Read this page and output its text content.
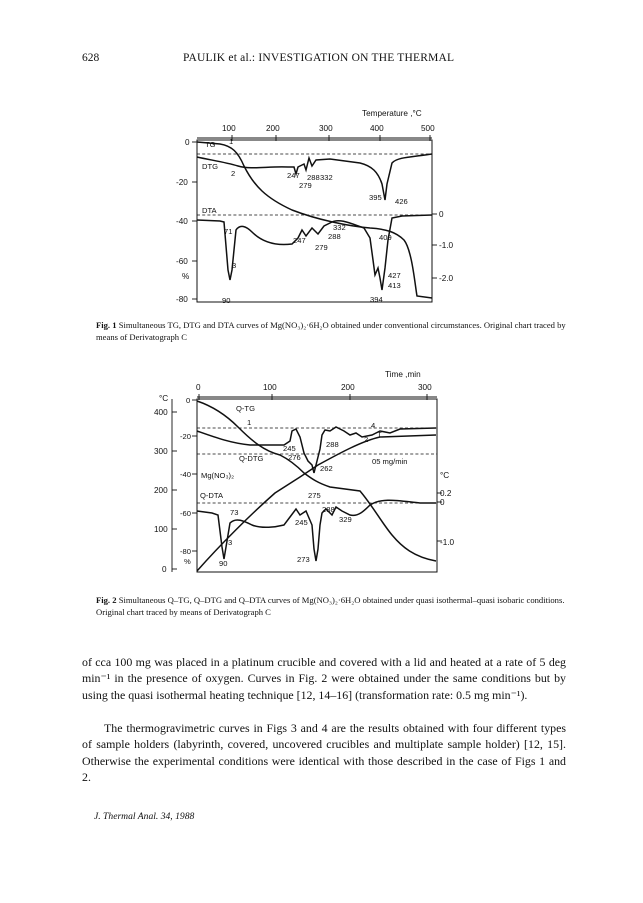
628	PAULIK et al.: INVESTIGATION ON THE THERMAL
Temperature ,°C
100	200	300	400	500
0
-20
-40
-60
%
-80
0
-1.0
-2.0
TG
DTG
DTA
1
2	247 288 332
279
395 426
71	332
288	409
247
279
3
427
413
90	394
Fig. 1 Simultaneous TG, DTG and DTA curves of Mg(NO₃)₂·6H₂O obtained under conventional circumstances. Original chart traced by means of Derivatograph C
Time ,min
0	100	200	300
°C
400
300
200
100
0
0
-20
-40
-60
-80
%
°C
0.2
0
-1.0
Q-TG
Q-DTG
Q-DTA
T
Mg(NO₃)₂
05 mg/min
1
245
276
288
2
4
262
275
73	288
245	329
3
90	273
Fig. 2 Simultaneous Q–TG, Q–DTG and Q–DTA curves of Mg(NO₃)₂·6H₂O obtained under quasi isothermal–quasi isobaric conditions. Original chart traced by means of Derivatograph C

of cca 100 mg was placed in a platinum crucible and covered with a lid and heated at a rate of 5 deg min⁻¹ in the presence of oxygen. Curves in Fig. 2 were obtained under the same conditions but by using the quasi isothermal heating technique [12, 14–16] (transformation rate: 0.5 mg min⁻¹).

The thermogravimetric curves in Figs 3 and 4 are the results obtained with four different types of sample holders (labyrinth, covered, uncovered crucibles and multiplate sample holder) [12, 15]. Otherwise the experimental conditions were identical with those described in the case of Figs 1 and 2.

J. Thermal Anal. 34, 1988
